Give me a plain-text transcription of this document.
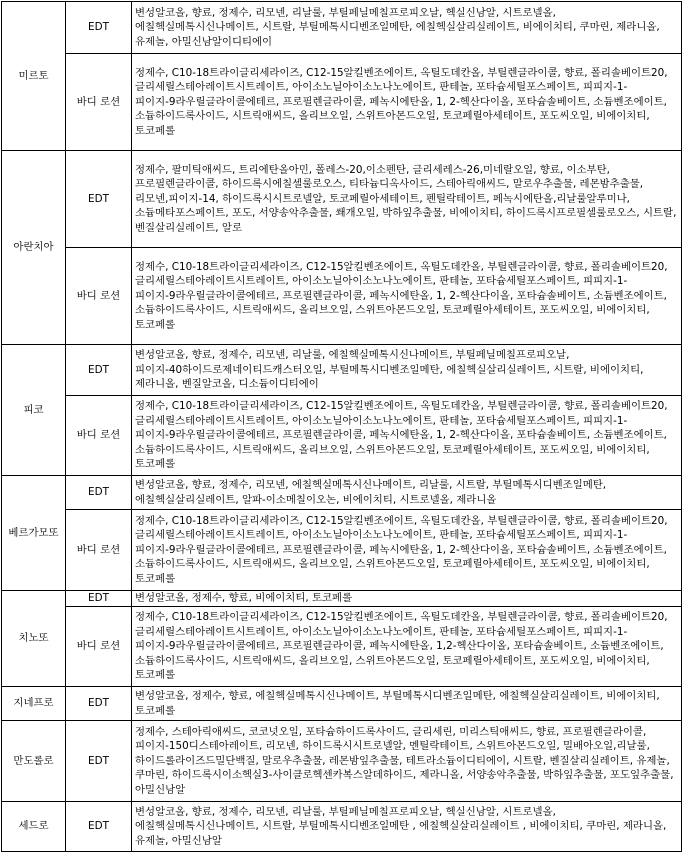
미르토	EDT	변성알코올, 향료, 정제수, 리모넨, 리날룰, 부틸페닐메칠프로피오날, 헥실신남알, 시트로넬올, 에칠헥실메톡시신나메이트, 시트랄, 부틸메톡시디벤조일메탄, 에칠헥실살리실레이트, 비에이치티, 쿠마린, 제라니올, 유제놀, 아밀신남알이디티에이
	바디 로션	정제수, C10-18트라이글리세라이즈, C12-15알킬벤조에이트, 옥틸도데칸올, 부틸렌글라이콜, 향료, 폴리솔베이트20, 글리세릴스테아레이트시트레이트, 아이소노닐아이소노나노에이트, 판테놀, 포타슘세틸포스페이트, 피피지-1-피이지-9라우릴글라이콜에테르, 프로필렌글라이콜, 페녹시에탄올, 1, 2-헥산다이올, 포타슘솔베이트, 소듐벤조에이트, 소듐하이드록사이드, 시트릭애씨드, 올리브오일, 스위트아몬드오일, 토코페릴아세테이트, 포도씨오일, 비에이치티, 토코페롤
아란치아	EDT	정제수, 팔미틱애씨드, 트리에탄올아민, 폴레스-20,이소펜탄, 글리세레스-26,미네랄오일, 향료, 이소부탄, 프로필렌글라이콜, 하이드록시에칠셀룰로오스, 티타늄디옥사이드, 스테아릭애씨드, 말로우추출물, 레몬밤추출물, 리모넨,피이지-14, 하이드록시시트로넬알, 토코페릴아세테이트, 펜틸락테이트, 페녹시에탄올,리날룰알루미나, 소듐메타포스페이트, 포도, 서양송악추출물, 쐐개오일, 박하잎추출물, 비에이치티, 하이드록시프로필셀룰로오스, 시트랄, 벤질살리실레이트, 알로
	바디 로션	정제수, C10-18트라이글리세라이즈, C12-15알킬벤조에이트, 옥틸도데칸올, 부틸렌글라이콜, 향료, 폴리솔베이트20, 글리세릴스테아레이트시트레이트, 아이소노닐아이소노나노에이트, 판테놀, 포타슘세틸포스페이트, 피피지-1-피이지-9라우릴글라이콜에테르, 프로필렌글라이콜, 페녹시에탄올, 1, 2-헥산다이올, 포타슘솔베이트, 소듐벤조에이트, 소듐하이드록사이드, 시트릭애씨드, 올리브오일, 스위트아몬드오일, 토코페릴아세테이트, 포도씨오일, 비에이치티, 토코페롤
피코	EDT	변성알코올, 향료, 정제수, 리모넨, 리날룰, 에칠헥실메톡시신나메이트, 부틸페닐메칠프로피오날, 피이지-40하이드로제네이티드캐스터오일, 부틸메톡시디벤조일메탄, 에칠헥실살리실레이트, 시트랄, 비에이치티, 제라니올, 벤질알코올, 디소듐이디티에이
	바디 로션	정제수, C10-18트라이글리세라이즈, C12-15알킬벤조에이트, 옥틸도데칸올, 부틸렌글라이콜, 향료, 폴리솔베이트20, 글리세릴스테아레이트시트레이트, 아이소노닐아이소노나노에이트, 판테놀, 포타슘세틸포스페이트, 피피지-1-피이지-9라우릴글라이콜에테르, 프로필렌글라이콜, 페녹시에탄올, 1, 2-헥산다이올, 포타슘솔베이트, 소듐벤조에이트, 소듐하이드록사이드, 시트릭애씨드, 올리브오일, 스위트아몬드오일, 토코페릴아세테이트, 포도씨오일, 비에이치티, 토코페롤
베르가모또	EDT	변성알코올, 향료, 정제수, 리모넨, 에칠헥실메톡시신나메이트, 리날룰, 시트랄, 부틸메톡시디벤조일메탄, 에칠헥실살리실레이트, 알파-이소메칠이오논, 비에이치티, 시트로넬올, 제라니올
	바디 로션	정제수, C10-18트라이글리세라이즈, C12-15알킬벤조에이트, 옥틸도데칸올, 부틸렌글라이콜, 향료, 폴리솔베이트20, 글리세릴스테아레이트시트레이트, 아이소노닐아이소노나노에이트, 판테놀, 포타슘세틸포스페이트, 피피지-1-피이지-9라우릴글라이콜에테르, 프로필렌글라이콜, 페녹시에탄올, 1, 2-헥산다이올, 포타슘솔베이트, 소듐벤조에이트, 소듐하이드록사이드, 시트릭애씨드, 올리브오일, 스위트아몬드오일, 토코페릴아세테이트, 포도씨오일, 비에이치티, 토코페롤
치노또	EDT	변성알코올, 정제수, 향료, 비에이치티, 토코페롤
	바디 로션	정제수, C10-18트라이글리세라이즈, C12-15알킬벤조에이트, 옥틸도데칸올, 부틸렌글라이콜, 향료, 폴리솔베이트20, 글리세릴스테아레이트시트레이트, 아이소노닐아이소노나노에이트, 판테놀, 포타슘세틸포스페이트, 피피지-1-피이지-9라우릴글라이콜에테르, 프로필렌글라이콜, 페녹시에탄올, 1,2-헥산다이올, 포타슘솔베이트, 소듐벤조에이트, 소듐하이드록사이드, 시트릭애씨드, 올리브오일, 스위트아몬드오일, 토코페릴아세테이트, 포도씨오일, 비에이치티, 토코페롤
지네프로	EDT	변성알코올, 정제수, 향료, 에칠헥실메톡시신나메이트, 부틸메톡시디벤조일메탄, 에칠헥실살리실레이트, 비에이치티, 토코페롤
만도롤로	EDT	정제수, 스테아릭애씨드, 코코넛오일, 포타슘하이드록사이드, 글리세린, 미리스틱애씨드, 향료, 프로필렌글라이콜, 피이지-150디스테아레이트, 리모넨, 하이드록시시트로넬알, 멘틸락테이트, 스위트아몬드오일, 밀배아오일,리날룰, 하이드롤라이즈드밀단백질, 말로우추출물, 레몬밤잎추출물, 테트라소듐이디티에이, 시트랄, 벤질살리실레이트, 유제놀, 쿠마린, 하이드록시이소헥실3-사이클로헥센카복스알데하이드, 제라니올, 서양송악추출물, 박하잎추출물, 포도잎추출물, 아밀신남알
세드로	EDT	변성알코올, 향료, 정제수, 리모넨, 리날룰, 부틸페닐메칠프로피오날, 헥실신남알, 시트로넬올, 에칠헥실메톡시신나메이트, 시트랄, 부틸메톡시디벤조일메탄 , 에칠헥실살리실레이트 , 비에이치티, 쿠마린, 제라니올, 유제놀, 아밀신남알
